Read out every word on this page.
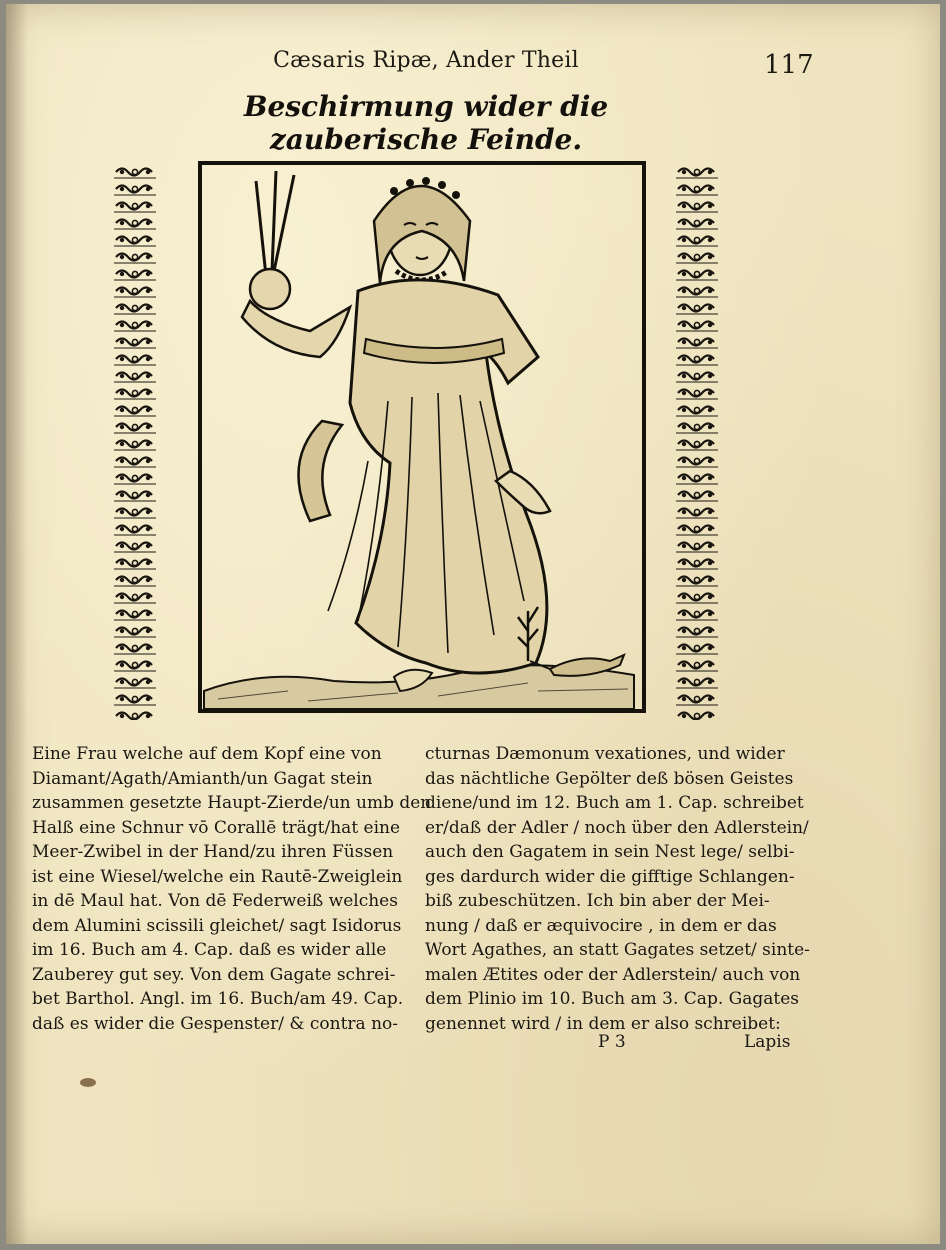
Cæsaris Ripæ, Ander Theil	117
Beschirmung wider die zauberische Feinde.
Eine Frau welche auf dem Kopf eine von
Diamant/Agath/Amianth/un Gagat stein
zusammen gesetzte Haupt-Zierde/un umb den
Halß eine Schnur vō Corallē trägt/hat eine
Meer-Zwibel in der Hand/zu ihren Füssen
ist eine Wiesel/welche ein Rautē-Zweiglein
in dē Maul hat. Von dē Federweiß welches
dem Alumini scissili gleichet/ sagt Isidorus
im 16. Buch am 4. Cap. daß es wider alle
Zauberey gut sey. Von dem Gagate schrei-
bet Barthol. Angl. im 16. Buch/am 49. Cap.
daß es wider die Gespenster/ & contra no-
cturnas Dæmonum vexationes, und wider
das nächtliche Gepölter deß bösen Geistes
diene/und im 12. Buch am 1. Cap. schreibet
er/daß der Adler / noch über den Adlerstein/
auch den Gagatem in sein Nest lege/ selbi-
ges dardurch wider die gifftige Schlangen-
biß zubeschützen. Ich bin aber der Mei-
nung / daß er æquivocire , in dem er das
Wort Agathes, an statt Gagates setzet/ sinte-
malen Ætites oder der Adlerstein/ auch von
dem Plinio im 10. Buch am 3. Cap. Gagates
genennet wird / in dem er also schreibet:
P 3	Lapis
